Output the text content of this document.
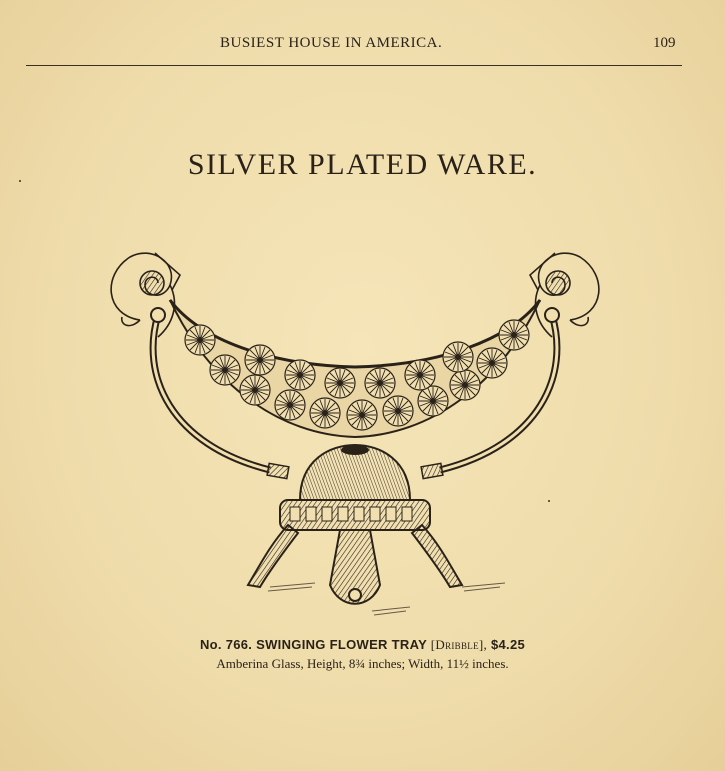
BUSIEST HOUSE IN AMERICA.	109
SILVER PLATED WARE.
No. 766. SWINGING FLOWER TRAY [Dribble], $4.25
Amberina Glass, Height, 8¾ inches; Width, 11½ inches.
